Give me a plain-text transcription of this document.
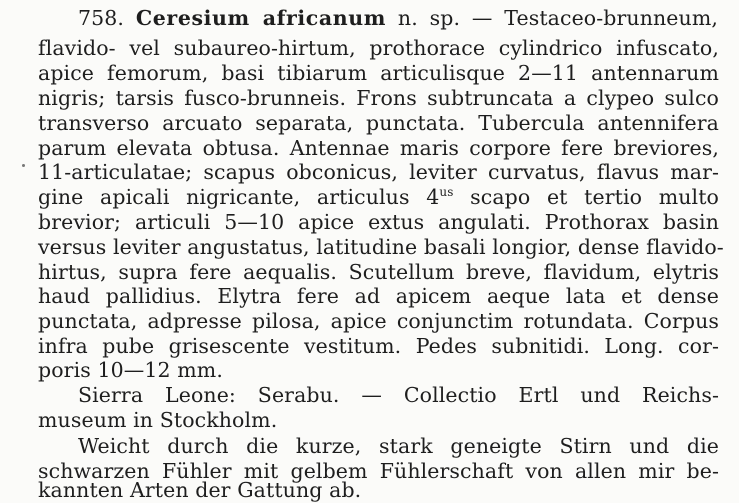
758. Ceresium africanum n. sp. — Testaceo-brunneum,
flavido- vel subaureo-hirtum, prothorace cylindrico infuscato,
apice femorum, basi tibiarum articulisque 2—11 antennarum
nigris; tarsis fusco-brunneis. Frons subtruncata a clypeo sulco
transverso arcuato separata, punctata. Tubercula antennifera
parum elevata obtusa. Antennae maris corpore fere breviores,
11-articulatae; scapus obconicus, leviter curvatus, flavus mar-
gine apicali nigricante, articulus $4^{us}$ scapo et tertio multo
brevior; articuli 5—10 apice extus angulati. Prothorax basin
versus leviter angustatus, latitudine basali longior, dense flavido-
hirtus, supra fere aequalis. Scutellum breve, flavidum, elytris
haud pallidius. Elytra fere ad apicem aeque lata et dense
punctata, adpresse pilosa, apice conjunctim rotundata. Corpus
infra pube grisescente vestitum. Pedes subnitidi. Long. cor-
poris 10—12 mm.
Sierra Leone: Serabu. — Collectio Ertl und Reichs-
museum in Stockholm.
Weicht durch die kurze, stark geneigte Stirn und die
schwarzen Fühler mit gelbem Fühlerschaft von allen mir be-
kannten Arten der Gattung ab.
